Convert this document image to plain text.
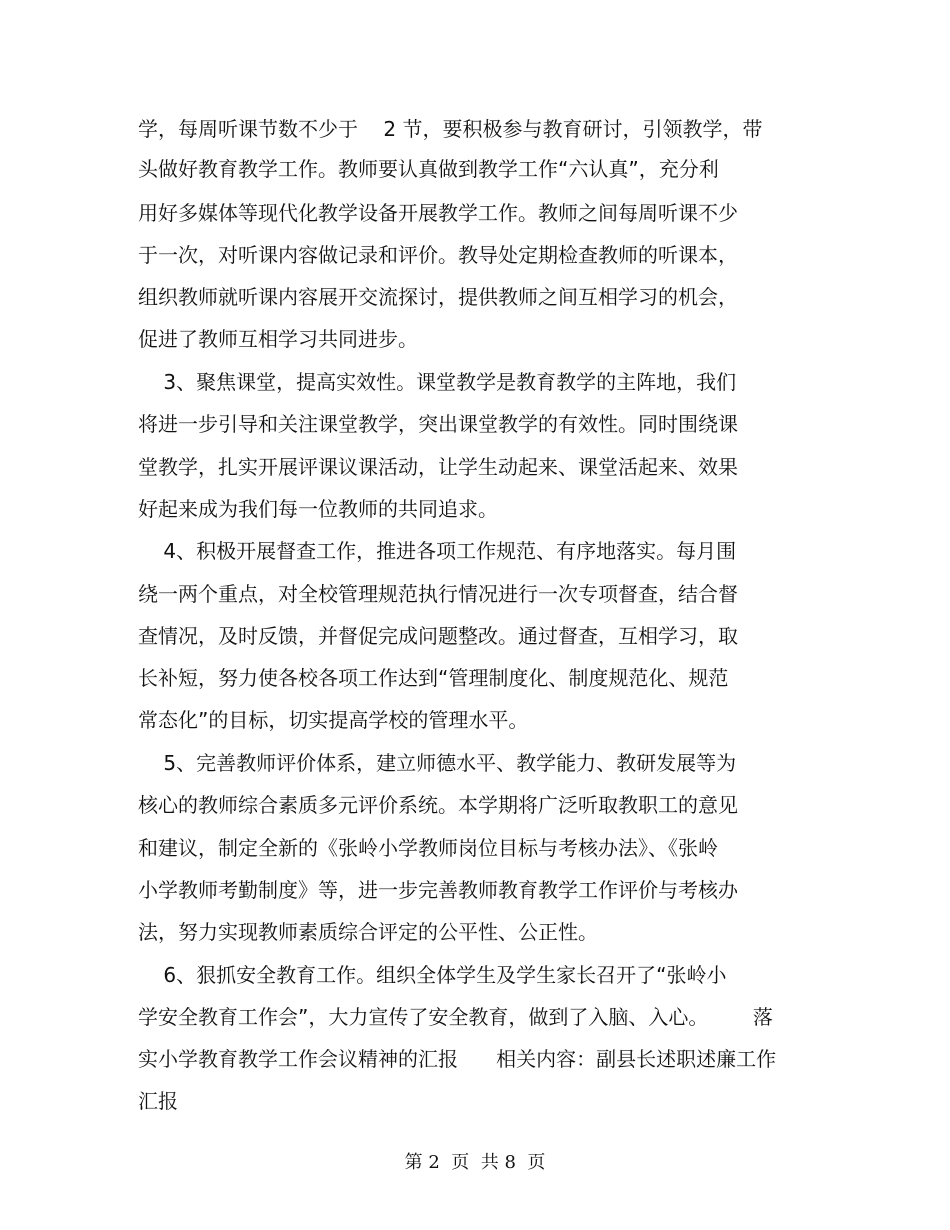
学，每周听课节数不少于    2 节，要积极参与教育研讨，引领教学，带
头做好教育教学工作。教师要认真做到教学工作“六认真”，充分利
用好多媒体等现代化教学设备开展教学工作。教师之间每周听课不少
于一次，对听课内容做记录和评价。教导处定期检查教师的听课本，
组织教师就听课内容展开交流探讨，提供教师之间互相学习的机会，
促进了教师互相学习共同进步。
3、聚焦课堂，提高实效性。课堂教学是教育教学的主阵地，我们
将进一步引导和关注课堂教学，突出课堂教学的有效性。同时围绕课
堂教学，扎实开展评课议课活动，让学生动起来、课堂活起来、效果
好起来成为我们每一位教师的共同追求。
4、积极开展督查工作，推进各项工作规范、有序地落实。每月围
绕一两个重点，对全校管理规范执行情况进行一次专项督查，结合督
查情况，及时反馈，并督促完成问题整改。通过督查，互相学习，取
长补短，努力使各校各项工作达到“管理制度化、制度规范化、规范
常态化”的目标，切实提高学校的管理水平。
5、完善教师评价体系，建立师德水平、教学能力、教研发展等为
核心的教师综合素质多元评价系统。本学期将广泛听取教职工的意见
和建议，制定全新的《张岭小学教师岗位目标与考核办法》、《张岭
小学教师考勤制度》等，进一步完善教师教育教学工作评价与考核办
法，努力实现教师素质综合评定的公平性、公正性。
6、狠抓安全教育工作。组织全体学生及学生家长召开了“张岭小
学安全教育工作会”，大力宣传了安全教育，做到了入脑、入心。       落
实小学教育教学工作会议精神的汇报      相关内容：副县长述职述廉工作
汇报
第 2  页  共 8  页
